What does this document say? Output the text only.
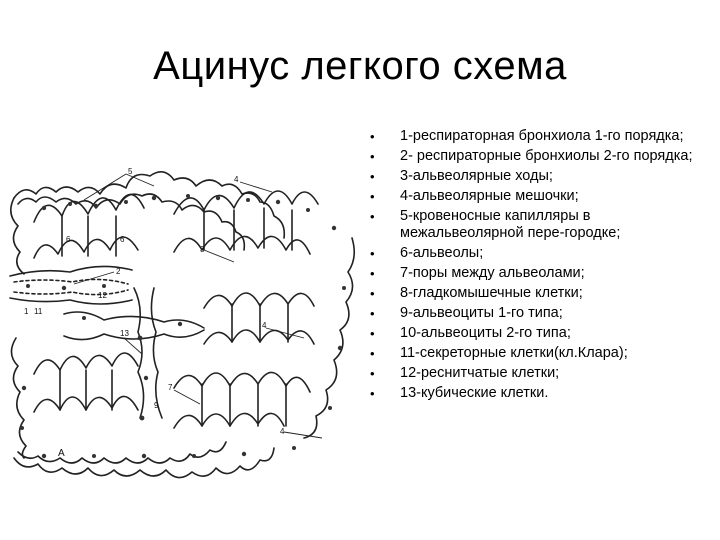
Ацинус легкого схема
5
4
6	6
2
3
13
1 11
4
7
4
12
9
A
• 1-респираторная бронхиола 1-го порядка;
• 2- респираторные бронхиолы 2-го порядка;
• 3-альвеолярные ходы;
• 4-альвеолярные мешочки;
• 5-кровеносные капилляры в межальвеолярной пере-городке;
• 6-альвеолы;
• 7-поры между альвеолами;
• 8-гладкомышечные клетки;
• 9-альвеоциты 1-го типа;
• 10-альвеоциты 2-го типа;
• 11-секреторные клетки(кл.Клара);
• 12-реснитчатые клетки;
• 13-кубические клетки.
